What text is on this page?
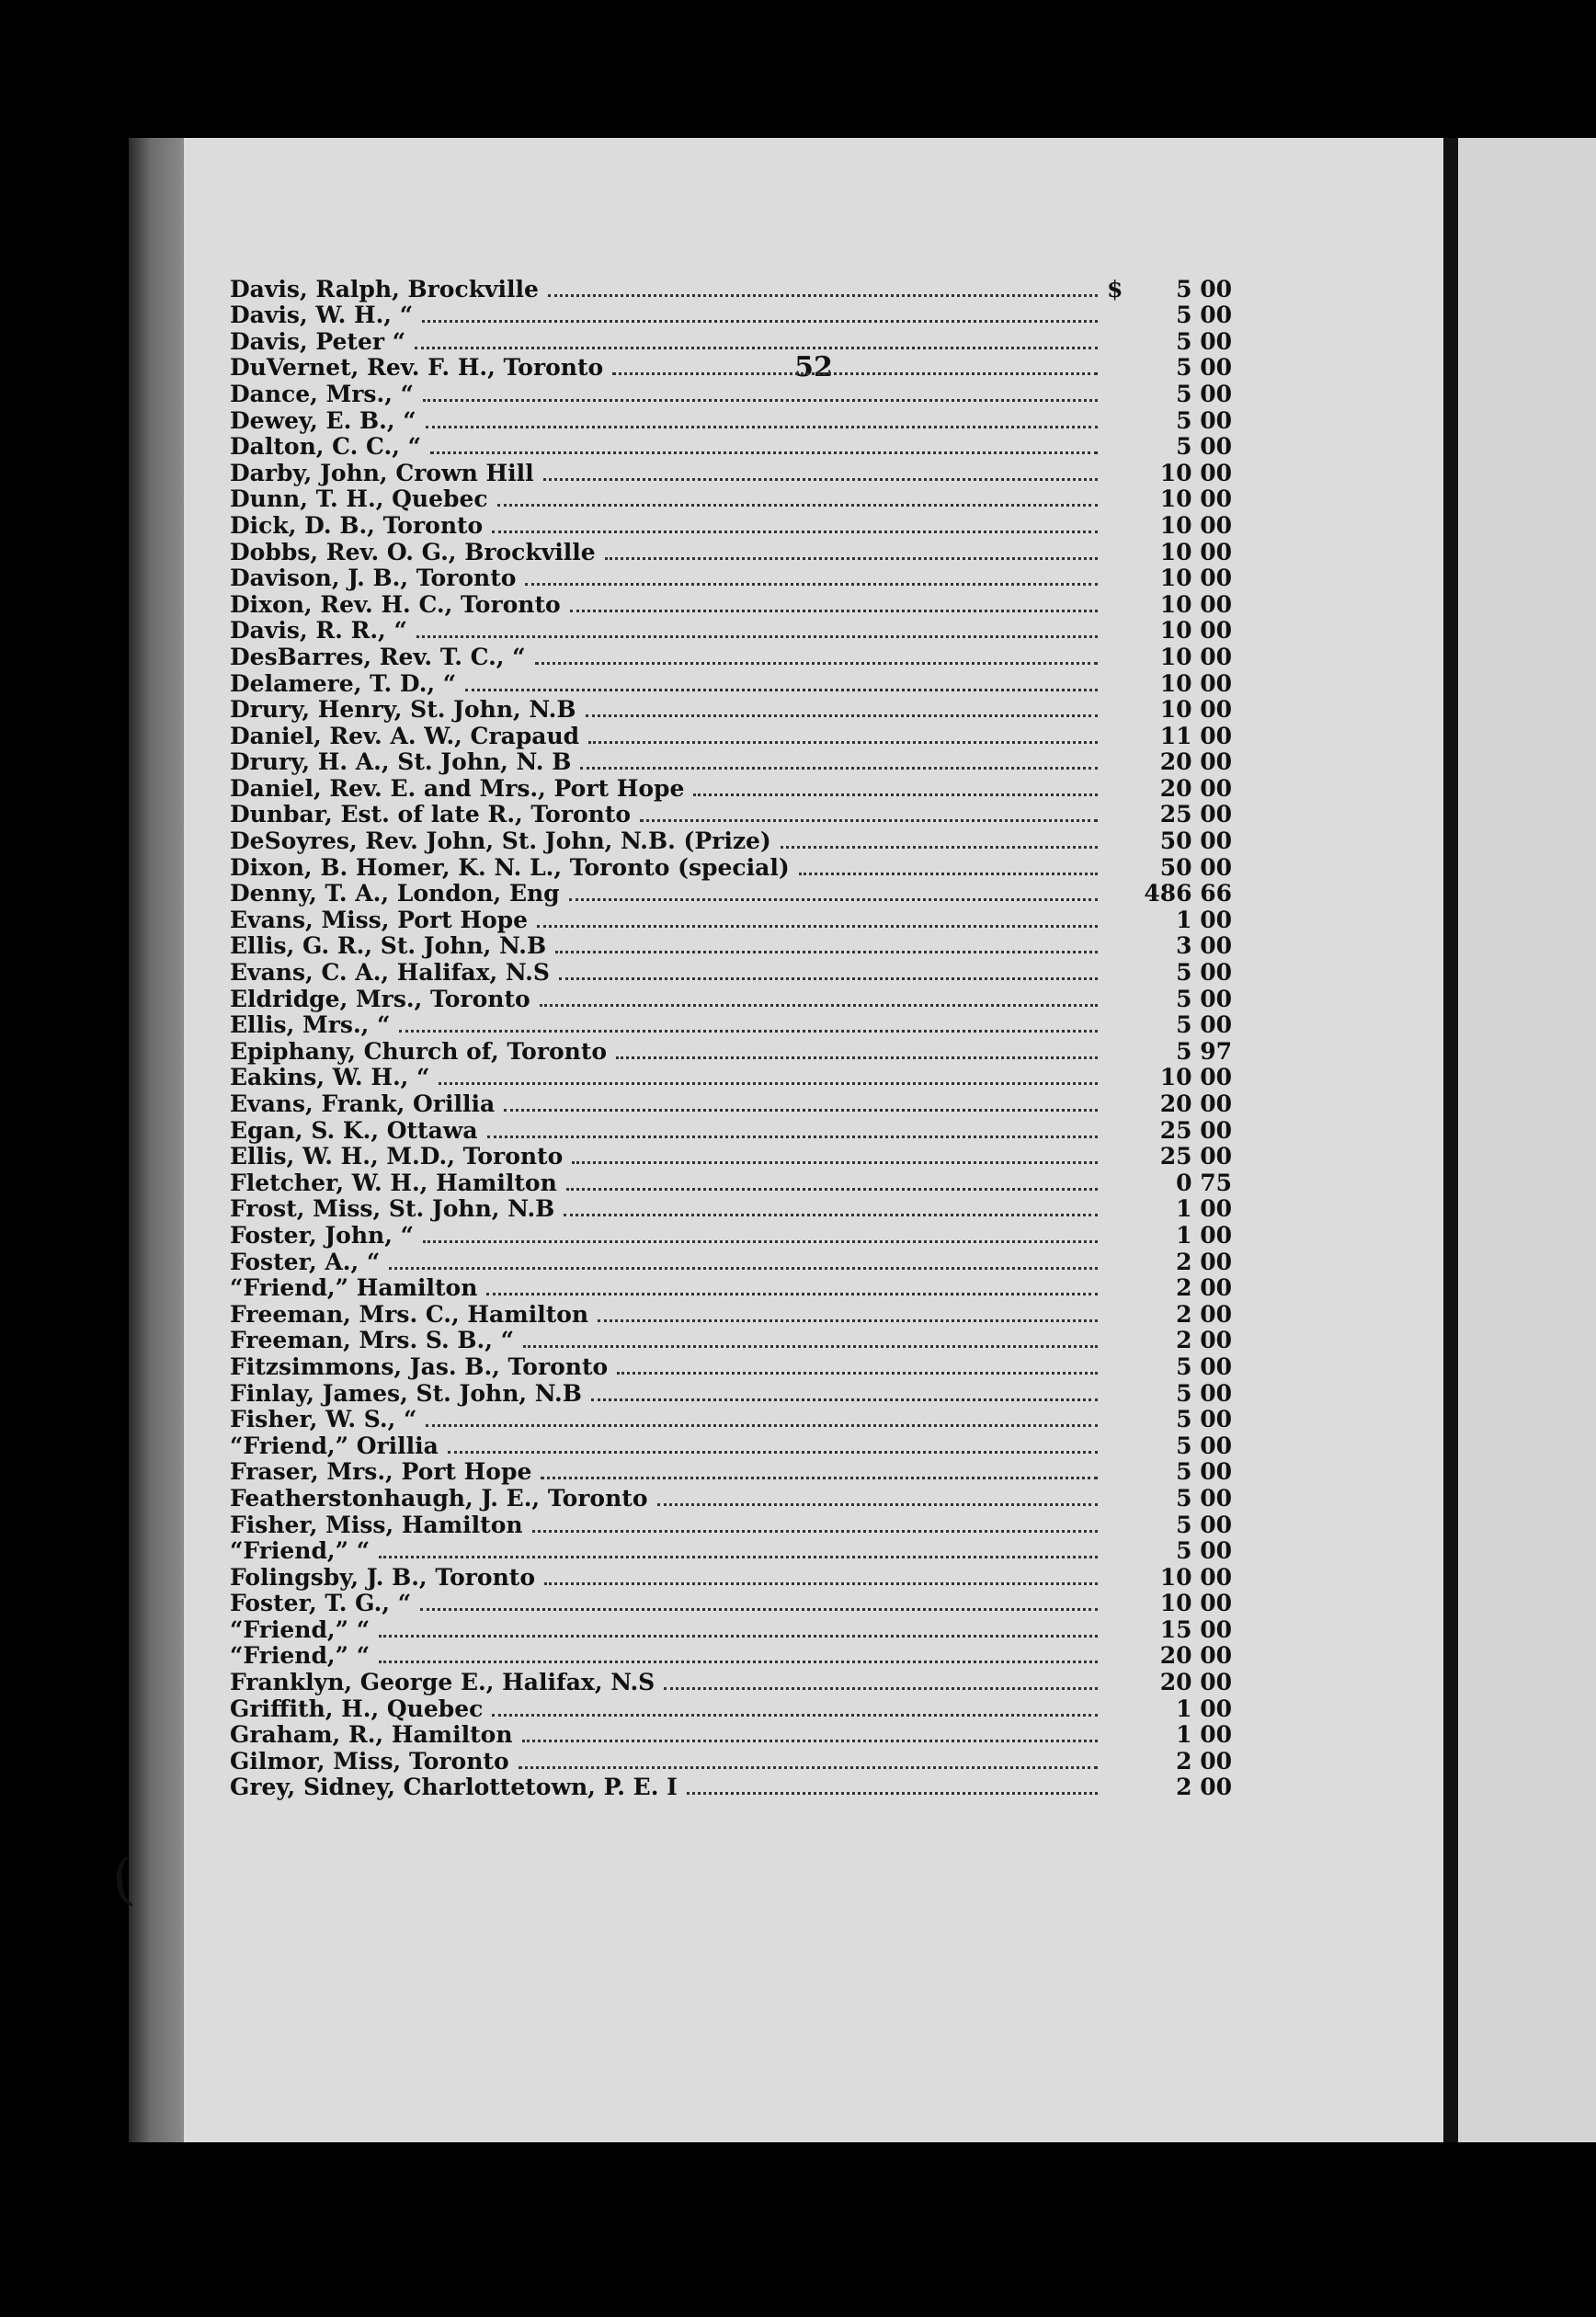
52
(
Davis, Ralph, Brockville	$	5 00
Davis, W. H., “	5 00
Davis, Peter “	5 00
DuVernet, Rev. F. H., Toronto	5 00
Dance, Mrs., “	5 00
Dewey, E. B., “	5 00
Dalton, C. C., “	5 00
Darby, John, Crown Hill	10 00
Dunn, T. H., Quebec	10 00
Dick, D. B., Toronto	10 00
Dobbs, Rev. O. G., Brockville	10 00
Davison, J. B., Toronto	10 00
Dixon, Rev. H. C., Toronto	10 00
Davis, R. R., “	10 00
DesBarres, Rev. T. C., “	10 00
Delamere, T. D., “	10 00
Drury, Henry, St. John, N.B	10 00
Daniel, Rev. A. W., Crapaud	11 00
Drury, H. A., St. John, N. B	20 00
Daniel, Rev. E. and Mrs., Port Hope	20 00
Dunbar, Est. of late R., Toronto	25 00
DeSoyres, Rev. John, St. John, N.B. (Prize)	50 00
Dixon, B. Homer, K. N. L., Toronto (special)	50 00
Denny, T. A., London, Eng	486 66
Evans, Miss, Port Hope	1 00
Ellis, G. R., St. John, N.B	3 00
Evans, C. A., Halifax, N.S	5 00
Eldridge, Mrs., Toronto	5 00
Ellis, Mrs., “	5 00
Epiphany, Church of, Toronto	5 97
Eakins, W. H., “	10 00
Evans, Frank, Orillia	20 00
Egan, S. K., Ottawa	25 00
Ellis, W. H., M.D., Toronto	25 00
Fletcher, W. H., Hamilton	0 75
Frost, Miss, St. John, N.B	1 00
Foster, John, “	1 00
Foster, A., “	2 00
“Friend,” Hamilton	2 00
Freeman, Mrs. C., Hamilton	2 00
Freeman, Mrs. S. B., “	2 00
Fitzsimmons, Jas. B., Toronto	5 00
Finlay, James, St. John, N.B	5 00
Fisher, W. S., “	5 00
“Friend,” Orillia	5 00
Fraser, Mrs., Port Hope	5 00
Featherstonhaugh, J. E., Toronto	5 00
Fisher, Miss, Hamilton	5 00
“Friend,” “	5 00
Folingsby, J. B., Toronto	10 00
Foster, T. G., “	10 00
“Friend,” “	15 00
“Friend,” “	20 00
Franklyn, George E., Halifax, N.S	20 00
Griffith, H., Quebec	1 00
Graham, R., Hamilton	1 00
Gilmor, Miss, Toronto	2 00
Grey, Sidney, Charlottetown, P. E. I	2 00
